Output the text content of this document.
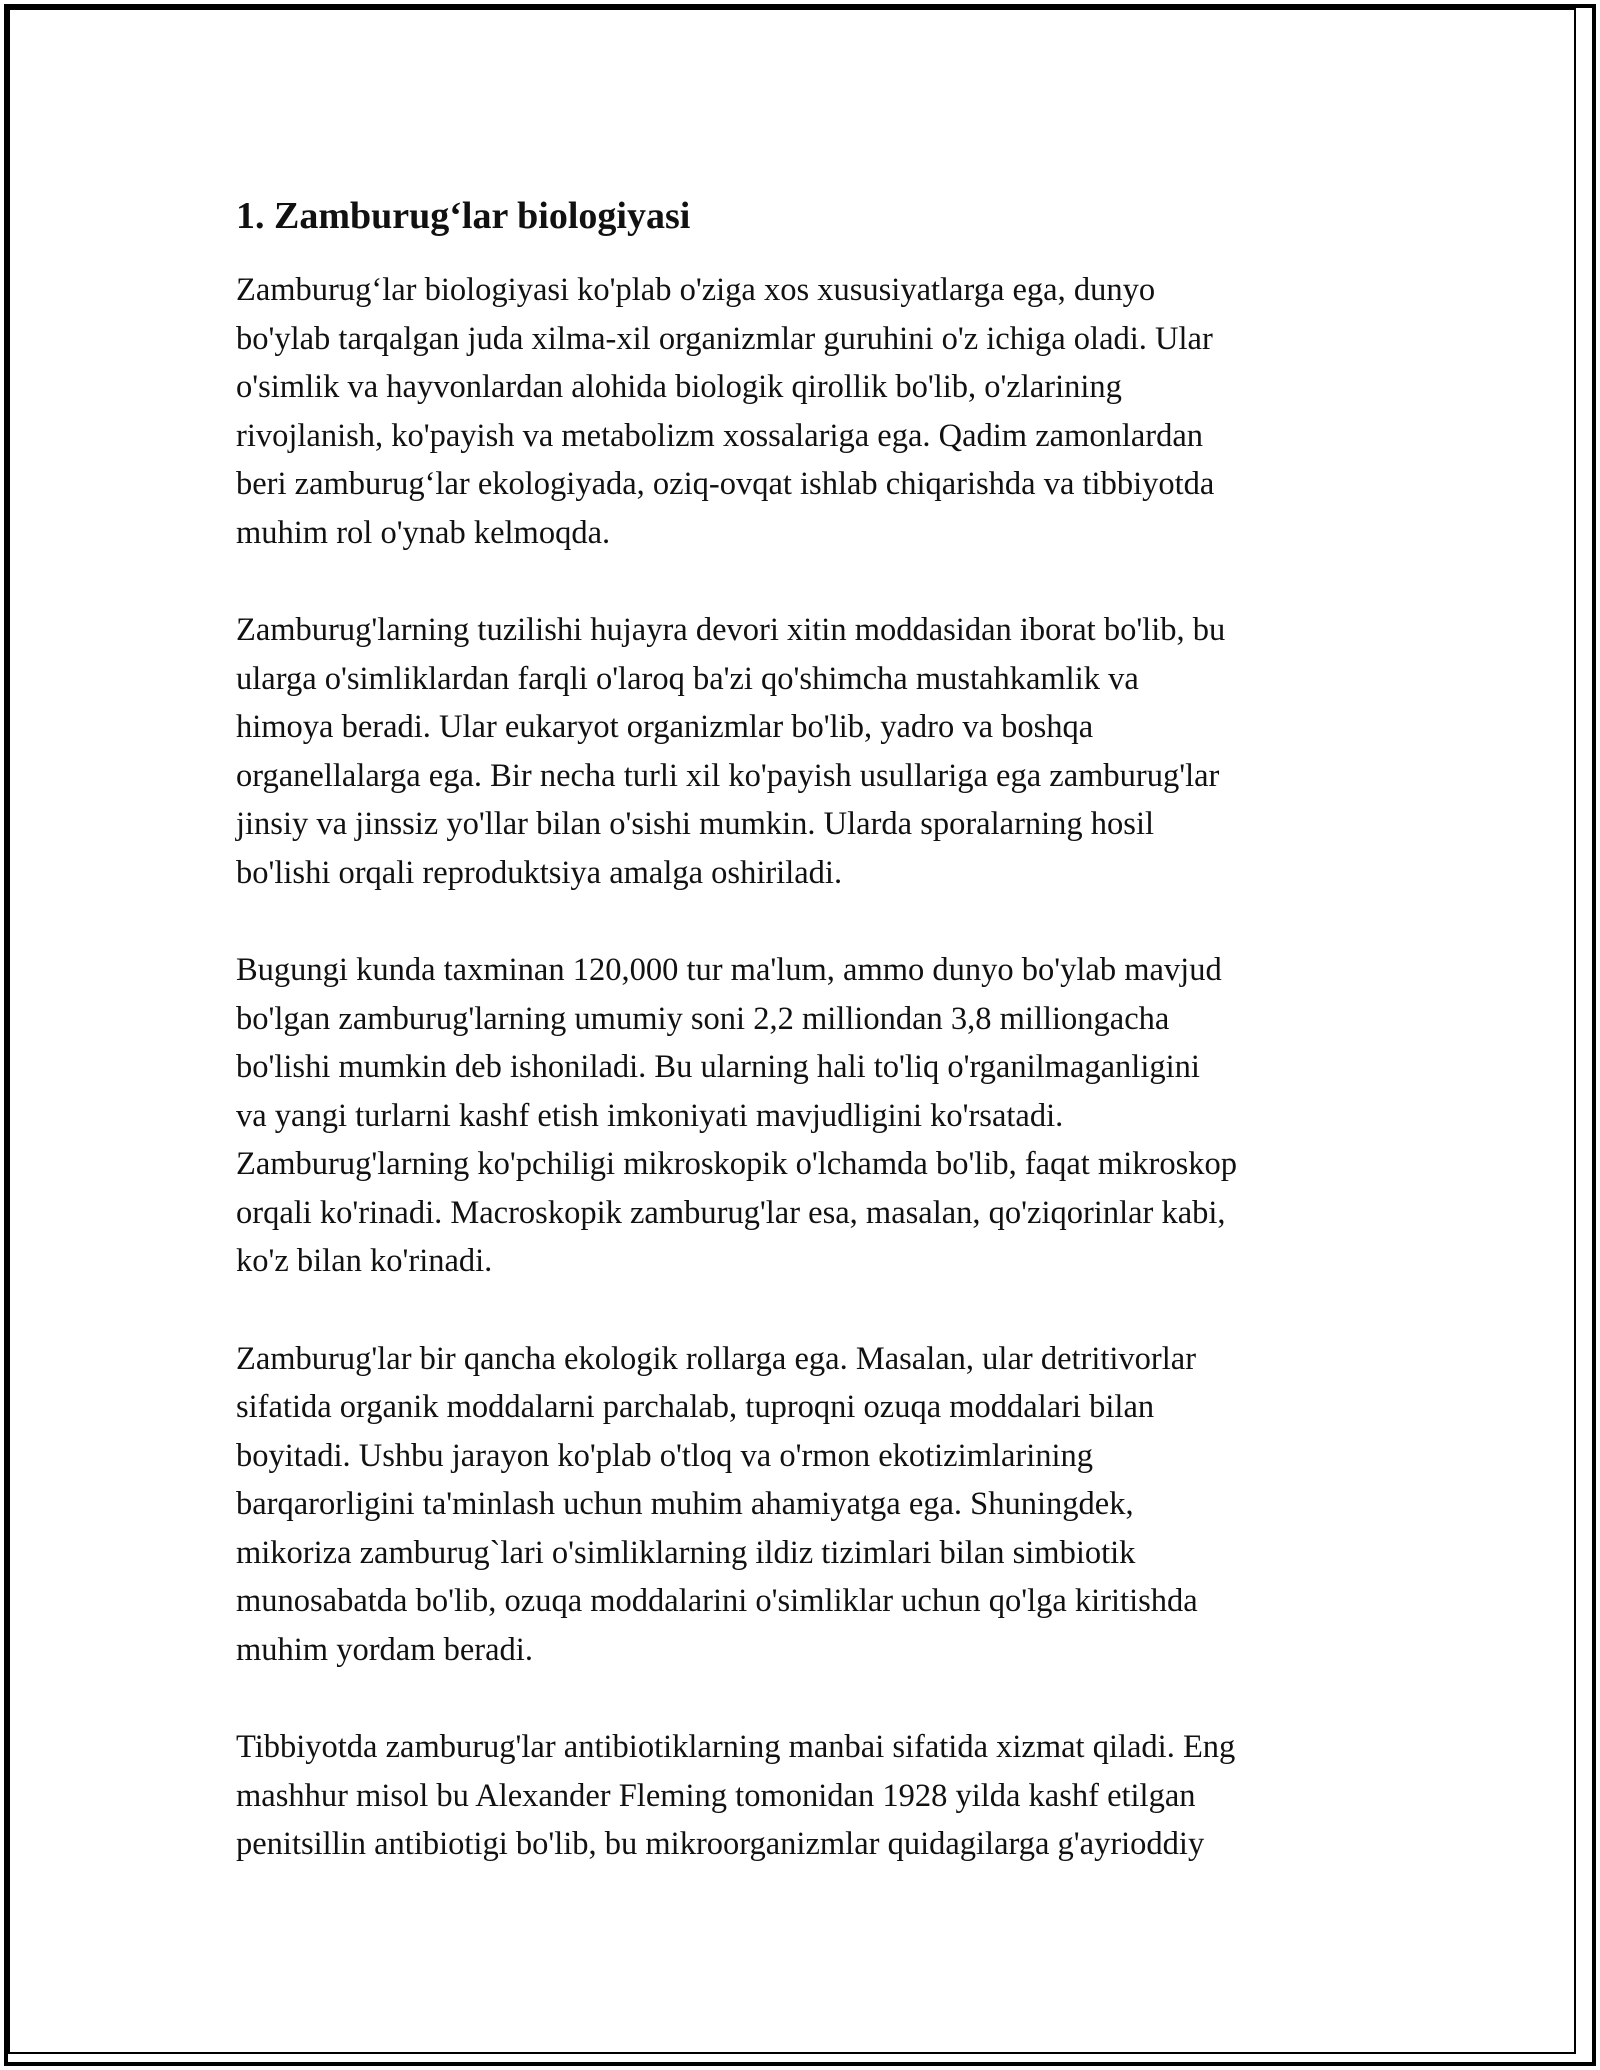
1. Zamburug‘lar biologiyasi

Zamburug‘lar biologiyasi ko'plab o'ziga xos xususiyatlarga ega, dunyo
bo'ylab tarqalgan juda xilma-xil organizmlar guruhini o'z ichiga oladi. Ular
o'simlik va hayvonlardan alohida biologik qirollik bo'lib, o'zlarining
rivojlanish, ko'payish va metabolizm xossalariga ega. Qadim zamonlardan
beri zamburug‘lar ekologiyada, oziq-ovqat ishlab chiqarishda va tibbiyotda
muhim rol o'ynab kelmoqda.

Zamburug'larning tuzilishi hujayra devori xitin moddasidan iborat bo'lib, bu
ularga o'simliklardan farqli o'laroq ba'zi qo'shimcha mustahkamlik va
himoya beradi. Ular eukaryot organizmlar bo'lib, yadro va boshqa
organellalarga ega. Bir necha turli xil ko'payish usullariga ega zamburug'lar
jinsiy va jinssiz yo'llar bilan o'sishi mumkin. Ularda sporalarning hosil
bo'lishi orqali reproduktsiya amalga oshiriladi.

Bugungi kunda taxminan 120,000 tur ma'lum, ammo dunyo bo'ylab mavjud
bo'lgan zamburug'larning umumiy soni 2,2 milliondan 3,8 milliongacha
bo'lishi mumkin deb ishoniladi. Bu ularning hali to'liq o'rganilmaganligini
va yangi turlarni kashf etish imkoniyati mavjudligini ko'rsatadi.
Zamburug'larning ko'pchiligi mikroskopik o'lchamda bo'lib, faqat mikroskop
orqali ko'rinadi. Macroskopik zamburug'lar esa, masalan, qo'ziqorinlar kabi,
ko'z bilan ko'rinadi.

Zamburug'lar bir qancha ekologik rollarga ega. Masalan, ular detritivorlar
sifatida organik moddalarni parchalab, tuproqni ozuqa moddalari bilan
boyitadi. Ushbu jarayon ko'plab o'tloq va o'rmon ekotizimlarining
barqarorligini ta'minlash uchun muhim ahamiyatga ega. Shuningdek,
mikoriza zamburug`lari o'simliklarning ildiz tizimlari bilan simbiotik
munosabatda bo'lib, ozuqa moddalarini o'simliklar uchun qo'lga kiritishda
muhim yordam beradi.

Tibbiyotda zamburug'lar antibiotiklarning manbai sifatida xizmat qiladi. Eng
mashhur misol bu Alexander Fleming tomonidan 1928 yilda kashf etilgan
penitsillin antibiotigi bo'lib, bu mikroorganizmlar quidagilarga g'ayrioddiy
